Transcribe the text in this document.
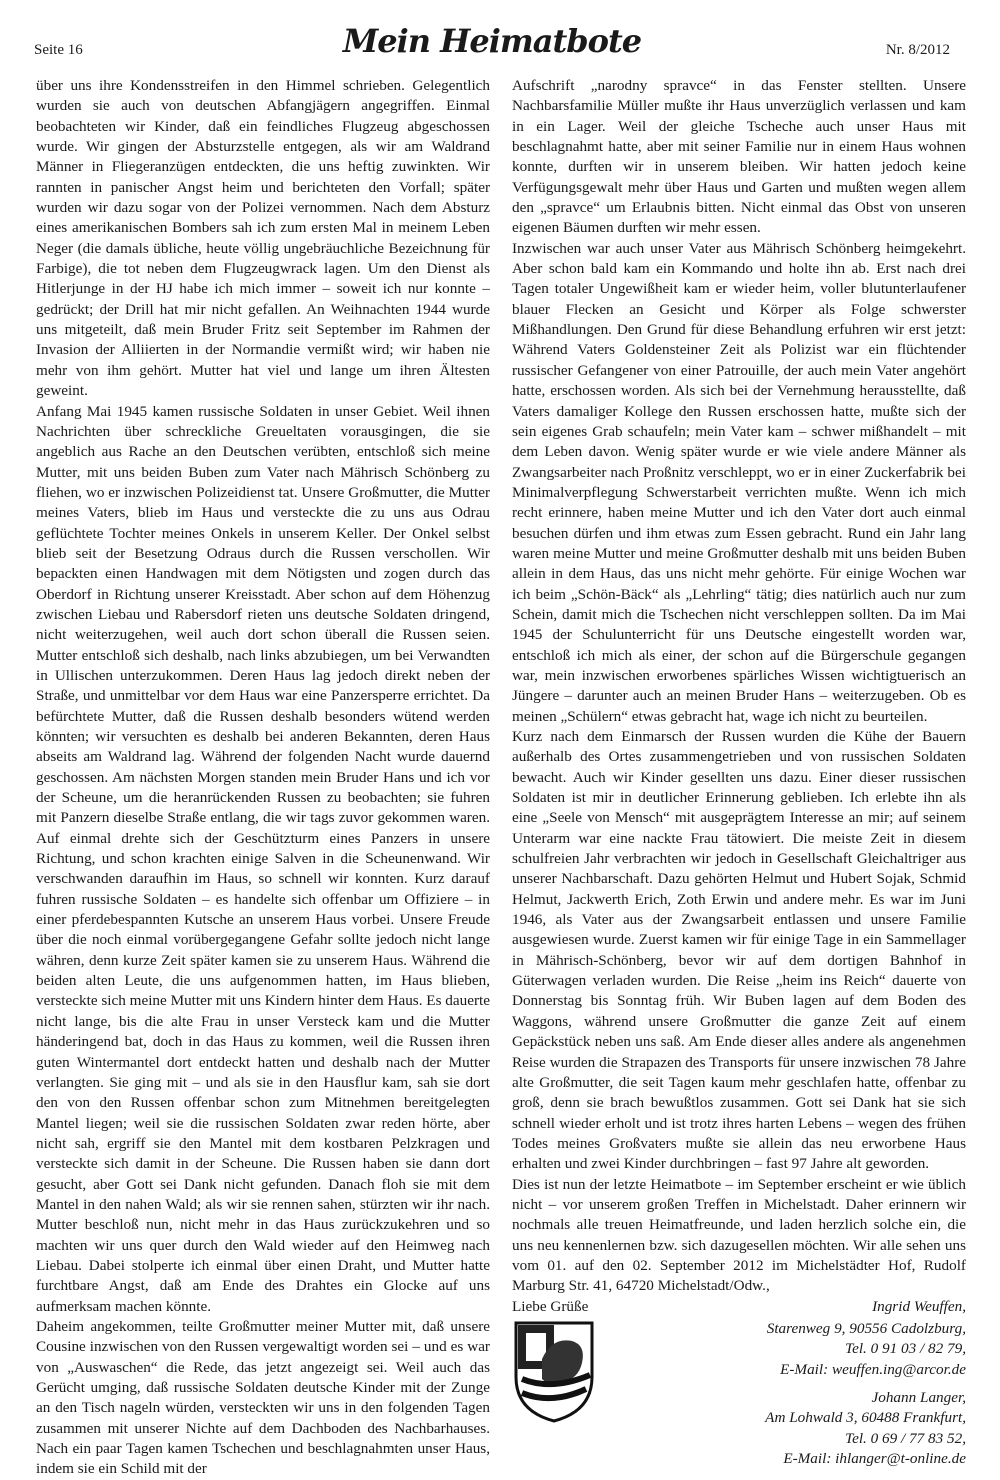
Seite 16	Mein Heimatbote	Nr. 8/2012

über uns ihre Kondensstreifen in den Himmel schrieben. Gelegentlich wurden sie auch von deutschen Abfangjägern angegriffen. Einmal beobachteten wir Kinder, daß ein feindliches Flugzeug abgeschossen wurde. Wir gingen der Absturzstelle entgegen, als wir am Waldrand Männer in Fliegeranzügen entdeckten, die uns heftig zuwinkten. Wir rannten in panischer Angst heim und berichteten den Vorfall; später wurden wir dazu sogar von der Polizei vernommen. Nach dem Absturz eines amerikanischen Bombers sah ich zum ersten Mal in meinem Leben Neger (die damals übliche, heute völlig ungebräuchliche Bezeichnung für Farbige), die tot neben dem Flugzeugwrack lagen. Um den Dienst als Hitlerjunge in der HJ habe ich mich immer – soweit ich nur konnte – gedrückt; der Drill hat mir nicht gefallen. An Weihnachten 1944 wurde uns mitgeteilt, daß mein Bruder Fritz seit September im Rahmen der Invasion der Alliierten in der Normandie vermißt wird; wir haben nie mehr von ihm gehört. Mutter hat viel und lange um ihren Ältesten geweint.

Anfang Mai 1945 kamen russische Soldaten in unser Gebiet. Weil ihnen Nachrichten über schreckliche Greueltaten vorausgingen, die sie angeblich aus Rache an den Deutschen verübten, entschloß sich meine Mutter, mit uns beiden Buben zum Vater nach Mährisch Schönberg zu fliehen, wo er inzwischen Polizeidienst tat. Unsere Großmutter, die Mutter meines Vaters, blieb im Haus und versteckte die zu uns aus Odrau geflüchtete Tochter meines Onkels in unserem Keller. Der Onkel selbst blieb seit der Besetzung Odraus durch die Russen verschollen. Wir bepackten einen Handwagen mit dem Nötigsten und zogen durch das Oberdorf in Richtung unserer Kreisstadt. Aber schon auf dem Höhenzug zwischen Liebau und Rabersdorf rieten uns deutsche Soldaten dringend, nicht weiterzugehen, weil auch dort schon überall die Russen seien. Mutter entschloß sich deshalb, nach links abzubiegen, um bei Verwandten in Ullischen unterzukommen. Deren Haus lag jedoch direkt neben der Straße, und unmittelbar vor dem Haus war eine Panzersperre errichtet. Da befürchtete Mutter, daß die Russen deshalb besonders wütend werden könnten; wir versuchten es deshalb bei anderen Bekannten, deren Haus abseits am Waldrand lag. Während der folgenden Nacht wurde dauernd geschossen. Am nächsten Morgen standen mein Bruder Hans und ich vor der Scheune, um die heranrückenden Russen zu beobachten; sie fuhren mit Panzern dieselbe Straße entlang, die wir tags zuvor gekommen waren. Auf einmal drehte sich der Geschützturm eines Panzers in unsere Richtung, und schon krachten einige Salven in die Scheunenwand. Wir verschwanden daraufhin im Haus, so schnell wir konnten. Kurz darauf fuhren russische Soldaten – es handelte sich offenbar um Offiziere – in einer pferdebespannten Kutsche an unserem Haus vorbei. Unsere Freude über die noch einmal vorübergegangene Gefahr sollte jedoch nicht lange währen, denn kurze Zeit später kamen sie zu unserem Haus. Während die beiden alten Leute, die uns aufgenommen hatten, im Haus blieben, versteckte sich meine Mutter mit uns Kindern hinter dem Haus. Es dauerte nicht lange, bis die alte Frau in unser Versteck kam und die Mutter händeringend bat, doch in das Haus zu kommen, weil die Russen ihren guten Wintermantel dort entdeckt hatten und deshalb nach der Mutter verlangten. Sie ging mit – und als sie in den Hausflur kam, sah sie dort den von den Russen offenbar schon zum Mitnehmen bereitgelegten Mantel liegen; weil sie die russischen Soldaten zwar reden hörte, aber nicht sah, ergriff sie den Mantel mit dem kostbaren Pelzkragen und versteckte sich damit in der Scheune. Die Russen haben sie dann dort gesucht, aber Gott sei Dank nicht gefunden. Danach floh sie mit dem Mantel in den nahen Wald; als wir sie rennen sahen, stürzten wir ihr nach. Mutter beschloß nun, nicht mehr in das Haus zurückzukehren und so machten wir uns quer durch den Wald wieder auf den Heimweg nach Liebau. Dabei stolperte ich einmal über einen Draht, und Mutter hatte furchtbare Angst, daß am Ende des Drahtes ein Glocke auf uns aufmerksam machen könnte.

Daheim angekommen, teilte Großmutter meiner Mutter mit, daß unsere Cousine inzwischen von den Russen vergewaltigt worden sei – und es war von „Auswaschen“ die Rede, das jetzt angezeigt sei. Weil auch das Gerücht umging, daß russische Soldaten deutsche Kinder mit der Zunge an den Tisch nageln würden, versteckten wir uns in den folgenden Tagen zusammen mit unserer Nichte auf dem Dachboden des Nachbarhauses. Nach ein paar Tagen kamen Tschechen und beschlagnahmten unser Haus, indem sie ein Schild mit der

Aufschrift „narodny spravce“ in das Fenster stellten. Unsere Nachbarsfamilie Müller mußte ihr Haus unverzüglich verlassen und kam in ein Lager. Weil der gleiche Tscheche auch unser Haus mit beschlagnahmt hatte, aber mit seiner Familie nur in einem Haus wohnen konnte, durften wir in unserem bleiben. Wir hatten jedoch keine Verfügungsgewalt mehr über Haus und Garten und mußten wegen allem den „spravce“ um Erlaubnis bitten. Nicht einmal das Obst von unseren eigenen Bäumen durften wir mehr essen.

Inzwischen war auch unser Vater aus Mährisch Schönberg heimgekehrt. Aber schon bald kam ein Kommando und holte ihn ab. Erst nach drei Tagen totaler Ungewißheit kam er wieder heim, voller blutunterlaufener blauer Flecken an Gesicht und Körper als Folge schwerster Mißhandlungen. Den Grund für diese Behandlung erfuhren wir erst jetzt: Während Vaters Goldensteiner Zeit als Polizist war ein flüchtender russischer Gefangener von einer Patrouille, der auch mein Vater angehört hatte, erschossen worden. Als sich bei der Vernehmung herausstellte, daß Vaters damaliger Kollege den Russen erschossen hatte, mußte sich der sein eigenes Grab schaufeln; mein Vater kam – schwer mißhandelt – mit dem Leben davon. Wenig später wurde er wie viele andere Männer als Zwangsarbeiter nach Proßnitz verschleppt, wo er in einer Zuckerfabrik bei Minimalverpflegung Schwerstarbeit verrichten mußte. Wenn ich mich recht erinnere, haben meine Mutter und ich den Vater dort auch einmal besuchen dürfen und ihm etwas zum Essen gebracht. Rund ein Jahr lang waren meine Mutter und meine Großmutter deshalb mit uns beiden Buben allein in dem Haus, das uns nicht mehr gehörte. Für einige Wochen war ich beim „Schön-Bäck“ als „Lehrling“ tätig; dies natürlich auch nur zum Schein, damit mich die Tschechen nicht verschleppen sollten. Da im Mai 1945 der Schulunterricht für uns Deutsche eingestellt worden war, entschloß ich mich als einer, der schon auf die Bürgerschule gegangen war, mein inzwischen erworbenes spärliches Wissen wichtigtuerisch an Jüngere – darunter auch an meinen Bruder Hans – weiterzugeben. Ob es meinen „Schülern“ etwas gebracht hat, wage ich nicht zu beurteilen.

Kurz nach dem Einmarsch der Russen wurden die Kühe der Bauern außerhalb des Ortes zusammengetrieben und von russischen Soldaten bewacht. Auch wir Kinder gesellten uns dazu. Einer dieser russischen Soldaten ist mir in deutlicher Erinnerung geblieben. Ich erlebte ihn als eine „Seele von Mensch“ mit ausgeprägtem Interesse an mir; auf seinem Unterarm war eine nackte Frau tätowiert. Die meiste Zeit in diesem schulfreien Jahr verbrachten wir jedoch in Gesellschaft Gleichaltriger aus unserer Nachbarschaft. Dazu gehörten Helmut und Hubert Sojak, Schmid Helmut, Jackwerth Erich, Zoth Erwin und andere mehr. Es war im Juni 1946, als Vater aus der Zwangsarbeit entlassen und unsere Familie ausgewiesen wurde. Zuerst kamen wir für einige Tage in ein Sammellager in Mährisch-Schönberg, bevor wir auf dem dortigen Bahnhof in Güterwagen verladen wurden. Die Reise „heim ins Reich“ dauerte von Donnerstag bis Sonntag früh. Wir Buben lagen auf dem Boden des Waggons, während unsere Großmutter die ganze Zeit auf einem Gepäckstück neben uns saß. Am Ende dieser alles andere als angenehmen Reise wurden die Strapazen des Transports für unsere inzwischen 78 Jahre alte Großmutter, die seit Tagen kaum mehr geschlafen hatte, offenbar zu groß, denn sie brach bewußtlos zusammen. Gott sei Dank hat sie sich schnell wieder erholt und ist trotz ihres harten Lebens – wegen des frühen Todes meines Großvaters mußte sie allein das neu erworbene Haus erhalten und zwei Kinder durchbringen – fast 97 Jahre alt geworden.

Dies ist nun der letzte Heimatbote – im September erscheint er wie üblich nicht – vor unserem großen Treffen in Michelstadt. Daher erinnern wir nochmals alle treuen Heimatfreunde, und laden herzlich solche ein, die uns neu kennenlernen bzw. sich dazugesellen möchten. Wir alle sehen uns vom 01. auf den 02. September 2012 im Michelstädter Hof, Rudolf Marburg Str. 41, 64720 Michelstadt/Odw.,

Liebe Grüße	Ingrid Weuffen,
Starenweg 9, 90556 Cadolzburg,
Tel. 0 91 03 / 82 79,
E-Mail: weuffen.ing@arcor.de
Johann Langer,
Am Lohwald 3, 60488 Frankfurt,
Tel. 0 69 / 77 83 52,
E-Mail: ihlanger@t-online.de
